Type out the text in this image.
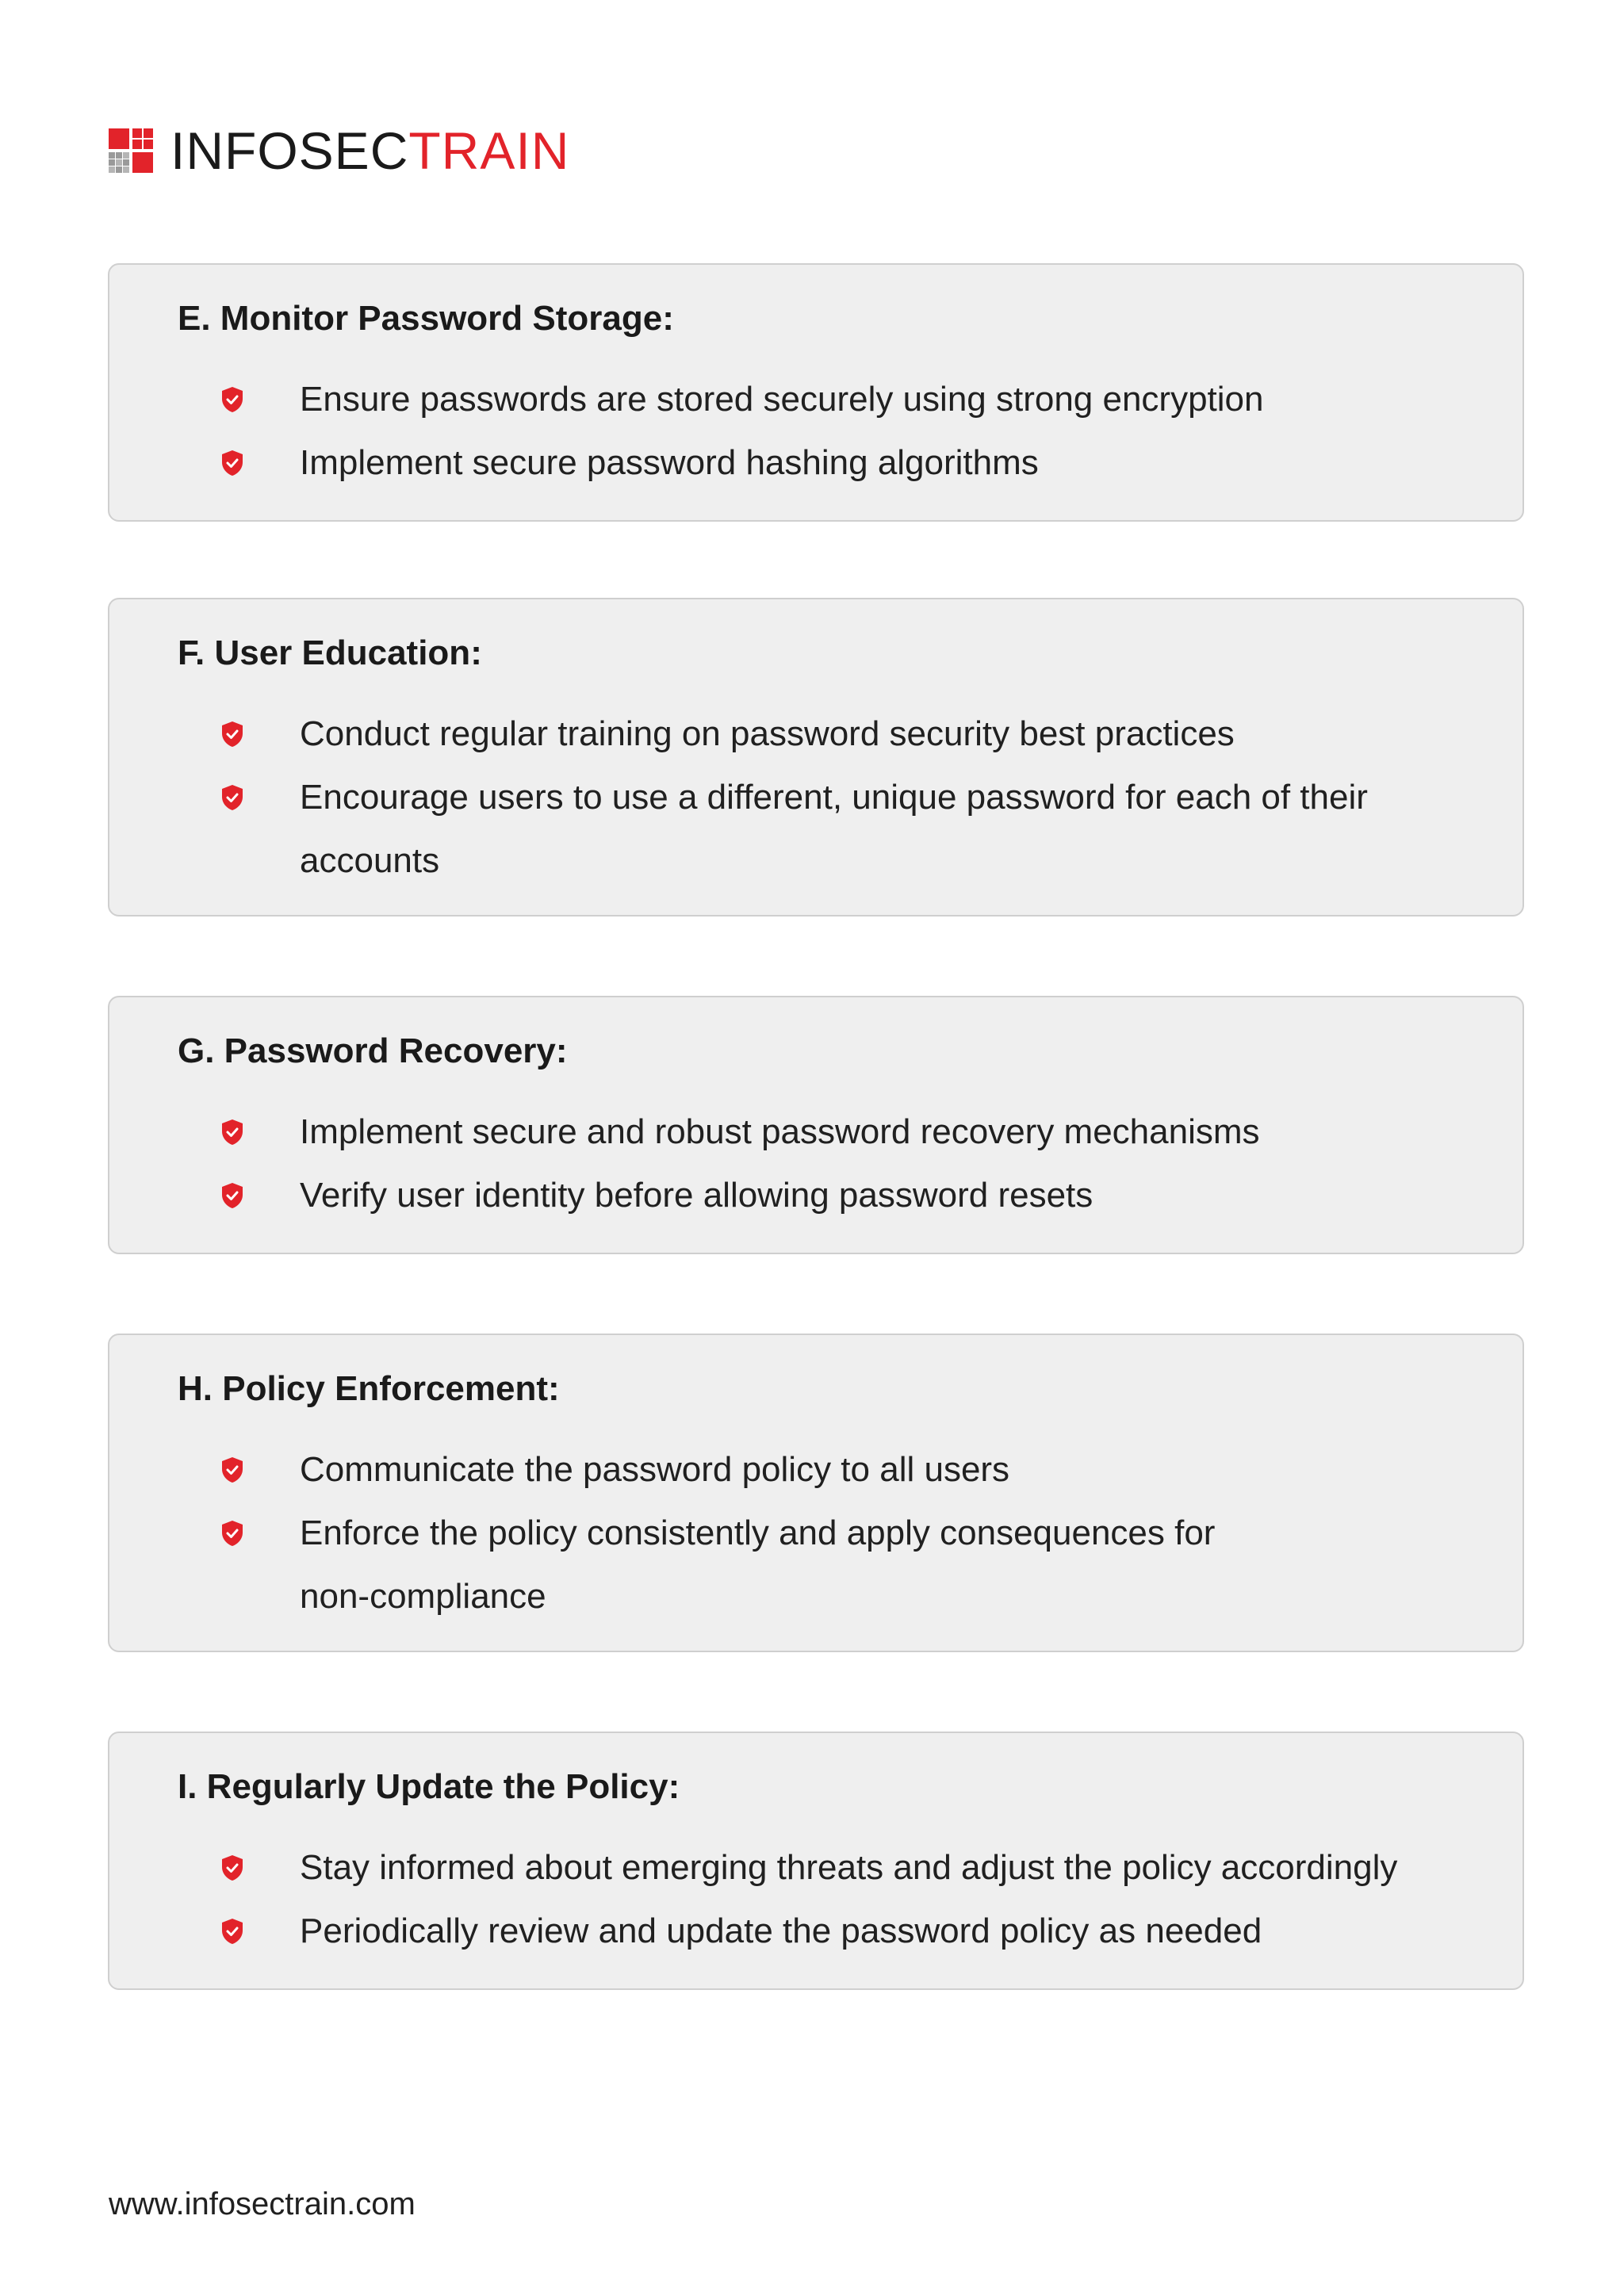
INFOSECTRAIN
E. Monitor Password Storage:
Ensure passwords are stored securely using strong encryption
Implement secure password hashing algorithms
F. User Education:
Conduct regular training on password security best practices
Encourage users to use a different, unique password for each of their accounts
G. Password Recovery:
Implement secure and robust password recovery mechanisms
Verify user identity before allowing password resets
H. Policy Enforcement:
Communicate the password policy to all users
Enforce the policy consistently and apply consequences for non-compliance
I. Regularly Update the Policy:
Stay informed about emerging threats and adjust the policy accordingly
Periodically review and update the password policy as needed
www.infosectrain.com
